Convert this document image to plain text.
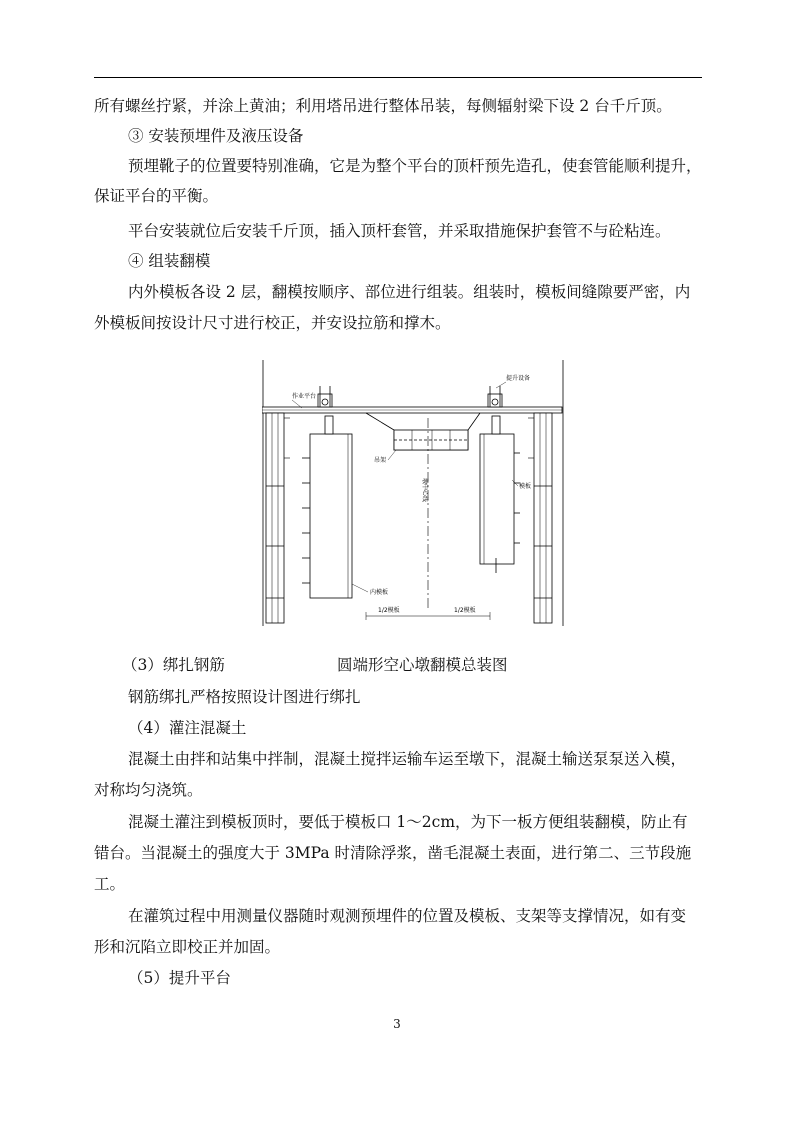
所有螺丝拧紧，并涂上黄油；利用塔吊进行整体吊装，每侧辐射梁下设 2 台千斤顶。
③ 安装预埋件及液压设备
预埋靴子的位置要特别准确，它是为整个平台的顶杆预先造孔，使套管能顺利提升，
保证平台的平衡。
平台安装就位后安装千斤顶，插入顶杆套管，并采取措施保护套管不与砼粘连。
④ 组装翻模
内外模板各设 2 层，翻模按顺序、部位进行组装。组装时，模板间缝隙要严密，内
外模板间按设计尺寸进行校正，并安设拉筋和撑木。
作业平台
提升设备
吊架
模板
内模板
1/2模板	1/2模板
墩中心线
（3）绑扎钢筋	圆端形空心墩翻模总装图
钢筋绑扎严格按照设计图进行绑扎
（4）灌注混凝土
混凝土由拌和站集中拌制，混凝土搅拌运输车运至墩下，混凝土输送泵泵送入模，
对称均匀浇筑。
混凝土灌注到模板顶时，要低于模板口 1～2cm，为下一板方便组装翻模，防止有
错台。当混凝土的强度大于 3MPa 时清除浮浆，凿毛混凝土表面，进行第二、三节段施
工。
在灌筑过程中用测量仪器随时观测预埋件的位置及模板、支架等支撑情况，如有变
形和沉陷立即校正并加固。
（5）提升平台
3
